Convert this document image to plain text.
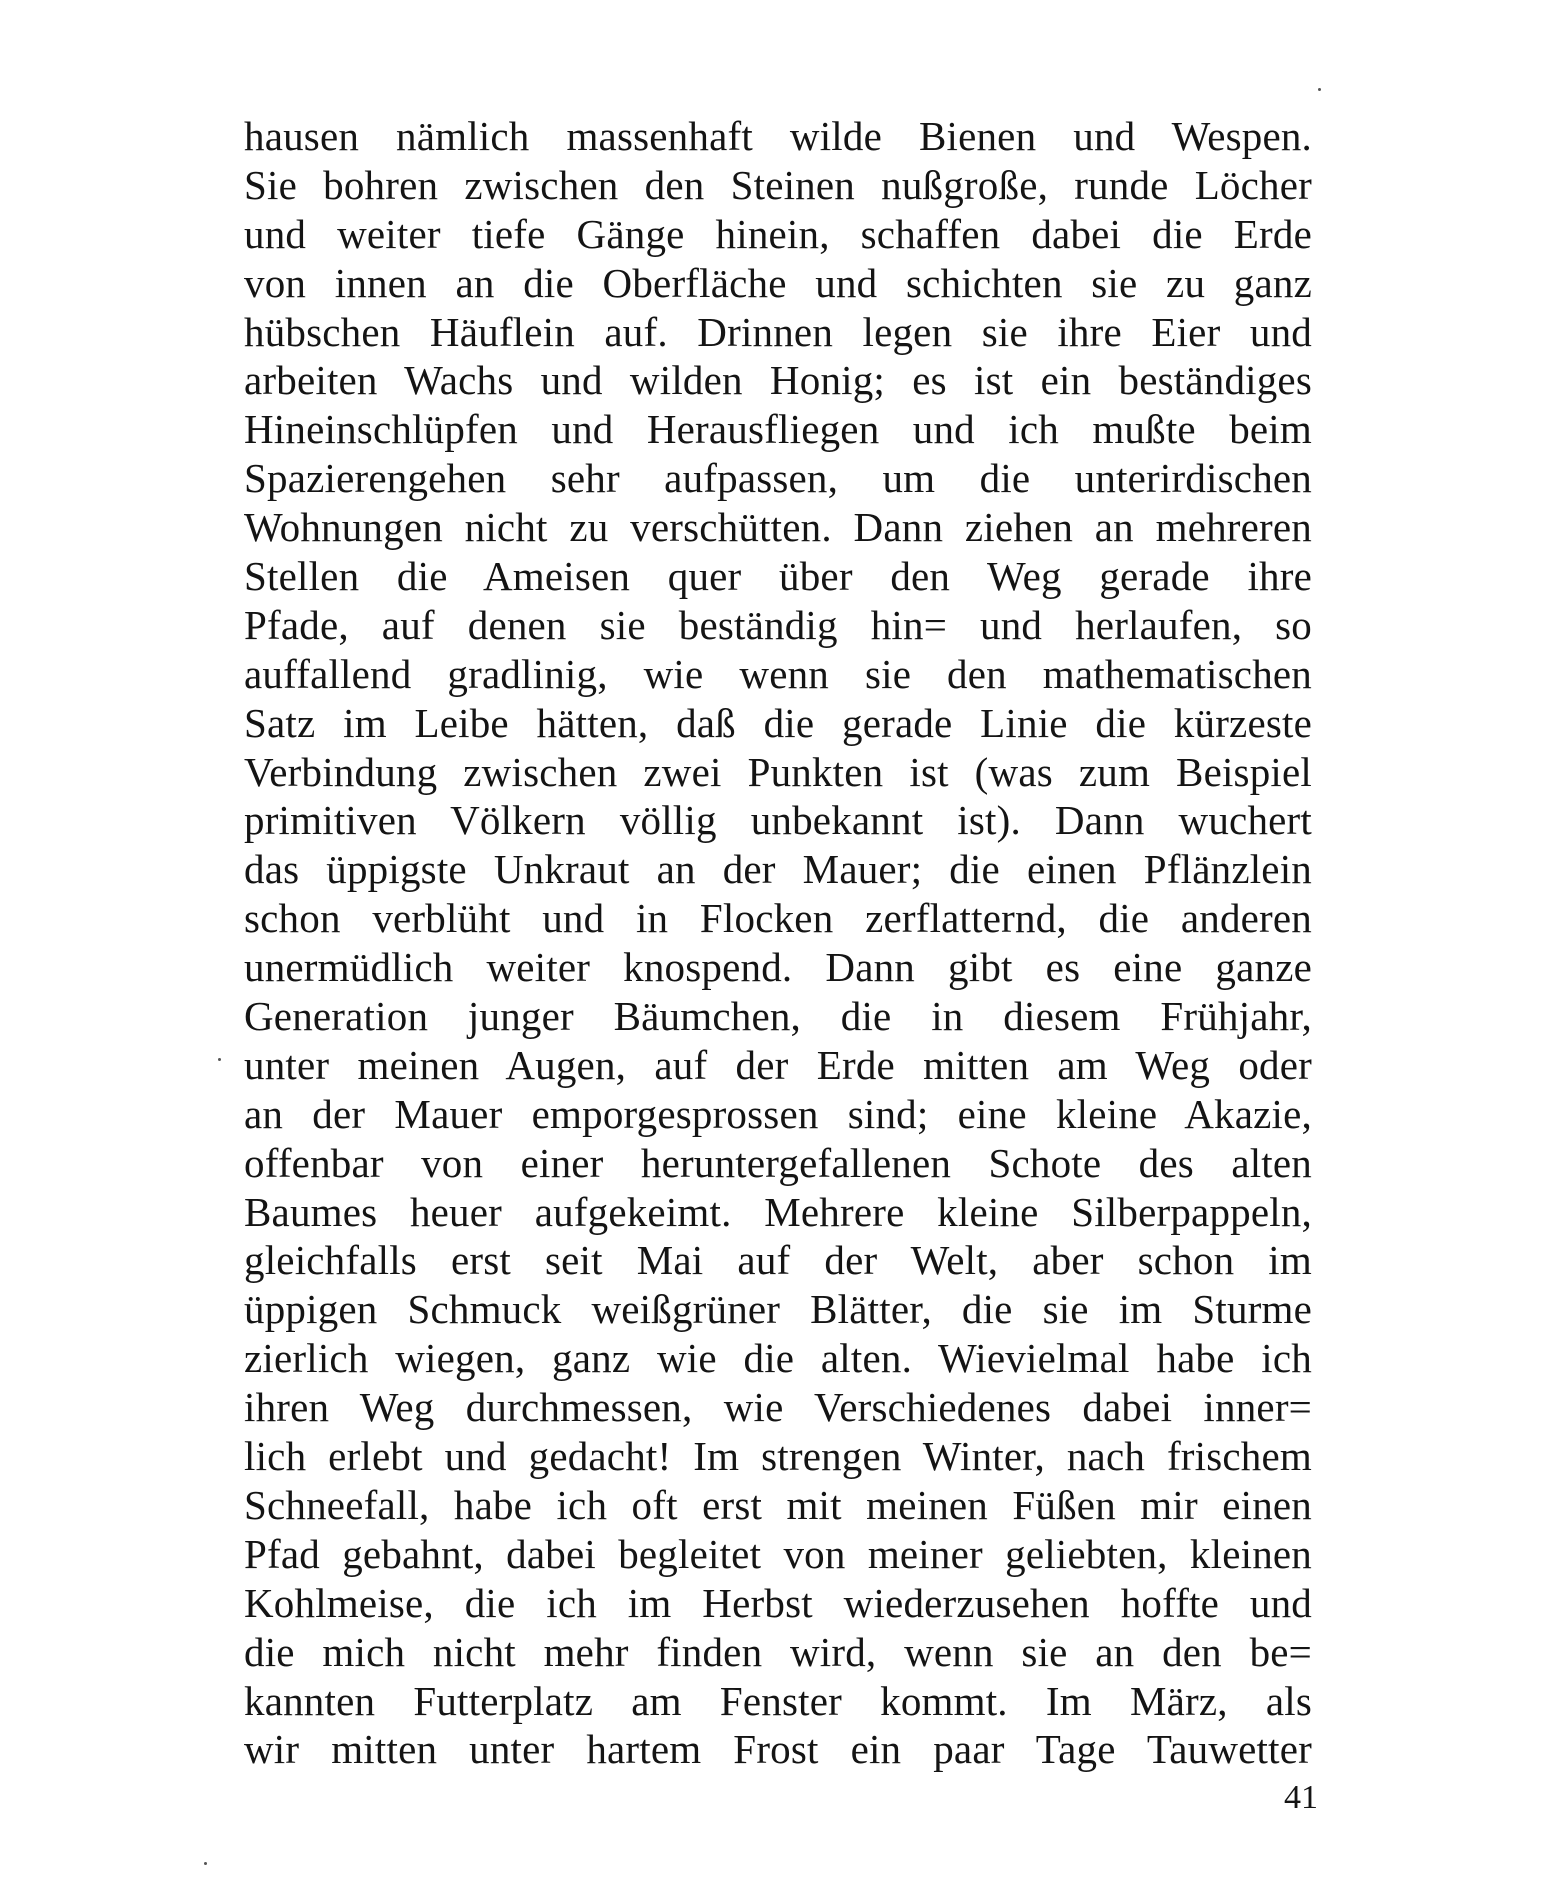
hausen nämlich massenhaft wilde Bienen und Wespen.
Sie bohren zwischen den Steinen nußgroße, runde Löcher
und weiter tiefe Gänge hinein, schaffen dabei die Erde
von innen an die Oberfläche und schichten sie zu ganz
hübschen Häuflein auf. Drinnen legen sie ihre Eier und
arbeiten Wachs und wilden Honig; es ist ein beständiges
Hineinschlüpfen und Herausfliegen und ich mußte beim
Spazierengehen sehr aufpassen, um die unterirdischen
Wohnungen nicht zu verschütten. Dann ziehen an mehreren
Stellen die Ameisen quer über den Weg gerade ihre
Pfade, auf denen sie beständig hin= und herlaufen, so
auffallend gradlinig, wie wenn sie den mathematischen
Satz im Leibe hätten, daß die gerade Linie die kürzeste
Verbindung zwischen zwei Punkten ist (was zum Beispiel
primitiven Völkern völlig unbekannt ist). Dann wuchert
das üppigste Unkraut an der Mauer; die einen Pflänzlein
schon verblüht und in Flocken zerflatternd, die anderen
unermüdlich weiter knospend. Dann gibt es eine ganze
Generation junger Bäumchen, die in diesem Frühjahr,
unter meinen Augen, auf der Erde mitten am Weg oder
an der Mauer emporgesprossen sind; eine kleine Akazie,
offenbar von einer heruntergefallenen Schote des alten
Baumes heuer aufgekeimt. Mehrere kleine Silberpappeln,
gleichfalls erst seit Mai auf der Welt, aber schon im
üppigen Schmuck weißgrüner Blätter, die sie im Sturme
zierlich wiegen, ganz wie die alten. Wievielmal habe ich
ihren Weg durchmessen, wie Verschiedenes dabei inner=
lich erlebt und gedacht! Im strengen Winter, nach frischem
Schneefall, habe ich oft erst mit meinen Füßen mir einen
Pfad gebahnt, dabei begleitet von meiner geliebten, kleinen
Kohlmeise, die ich im Herbst wiederzusehen hoffte und
die mich nicht mehr finden wird, wenn sie an den be=
kannten Futterplatz am Fenster kommt. Im März, als
wir mitten unter hartem Frost ein paar Tage Tauwetter
41
